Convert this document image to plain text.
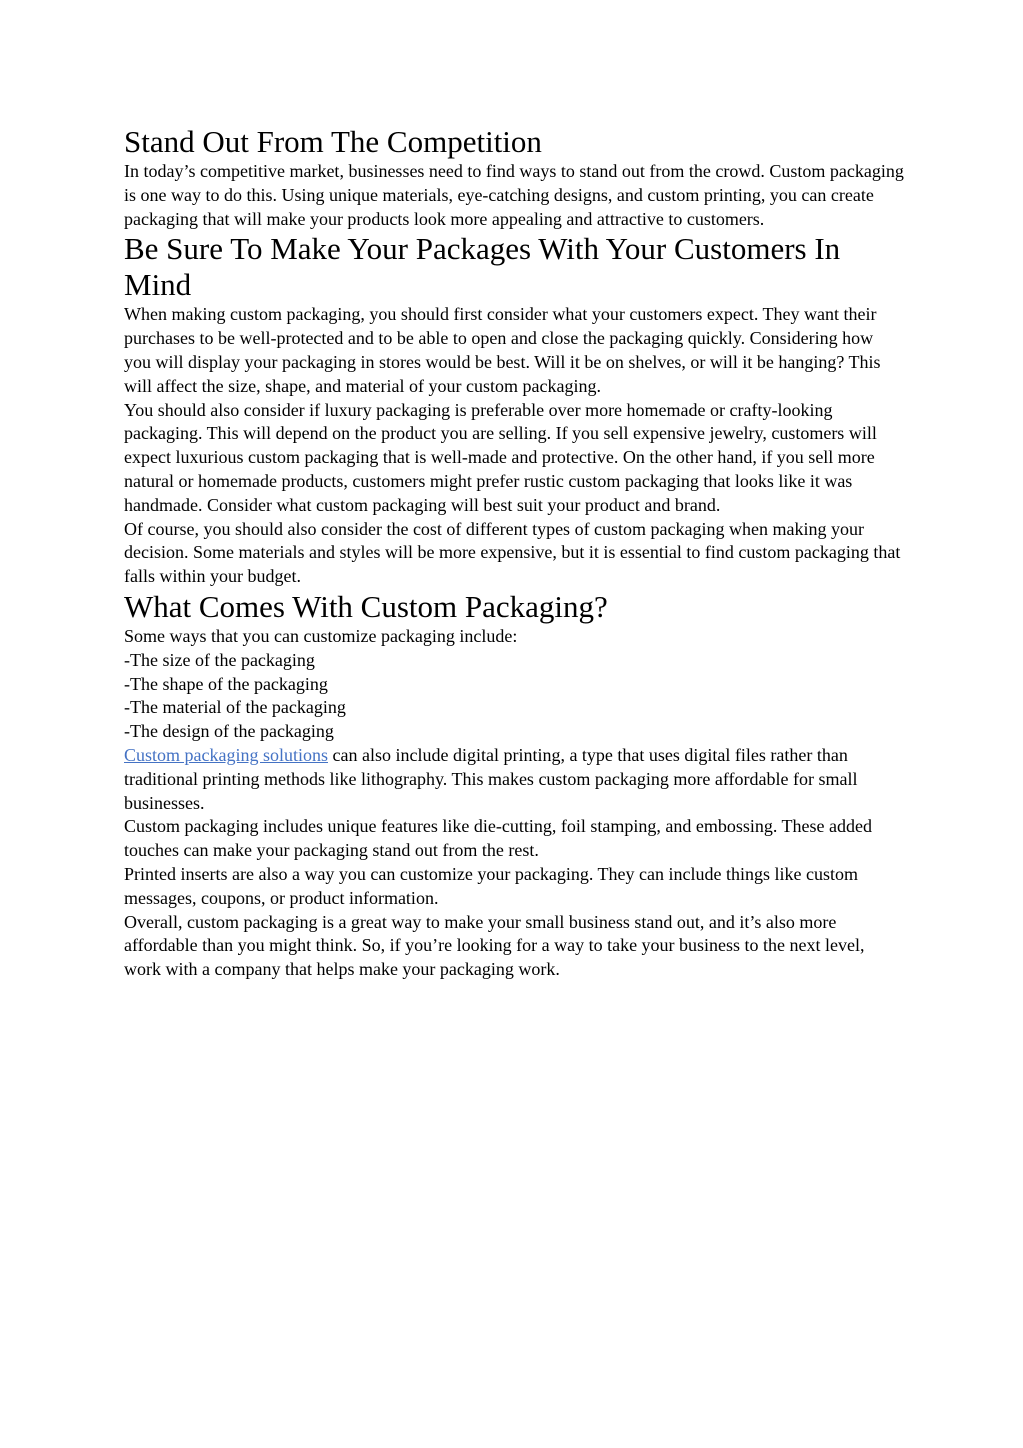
Stand Out From The Competition

In today’s competitive market, businesses need to find ways to stand out from the crowd. Custom packaging is one way to do this. Using unique materials, eye-catching designs, and custom printing, you can create packaging that will make your products look more appealing and attractive to customers.

Be Sure To Make Your Packages With Your Customers In Mind

When making custom packaging, you should first consider what your customers expect. They want their purchases to be well-protected and to be able to open and close the packaging quickly. Considering how you will display your packaging in stores would be best. Will it be on shelves, or will it be hanging? This will affect the size, shape, and material of your custom packaging.

You should also consider if luxury packaging is preferable over more homemade or crafty-looking packaging. This will depend on the product you are selling. If you sell expensive jewelry, customers will expect luxurious custom packaging that is well-made and protective. On the other hand, if you sell more natural or homemade products, customers might prefer rustic custom packaging that looks like it was handmade. Consider what custom packaging will best suit your product and brand.

Of course, you should also consider the cost of different types of custom packaging when making your decision. Some materials and styles will be more expensive, but it is essential to find custom packaging that falls within your budget.

What Comes With Custom Packaging?

Some ways that you can customize packaging include:

-The size of the packaging

-The shape of the packaging

-The material of the packaging

-The design of the packaging

Custom packaging solutions can also include digital printing, a type that uses digital files rather than traditional printing methods like lithography. This makes custom packaging more affordable for small businesses.

Custom packaging includes unique features like die-cutting, foil stamping, and embossing. These added touches can make your packaging stand out from the rest.

Printed inserts are also a way you can customize your packaging. They can include things like custom messages, coupons, or product information.

Overall, custom packaging is a great way to make your small business stand out, and it’s also more affordable than you might think. So, if you’re looking for a way to take your business to the next level, work with a company that helps make your packaging work.
